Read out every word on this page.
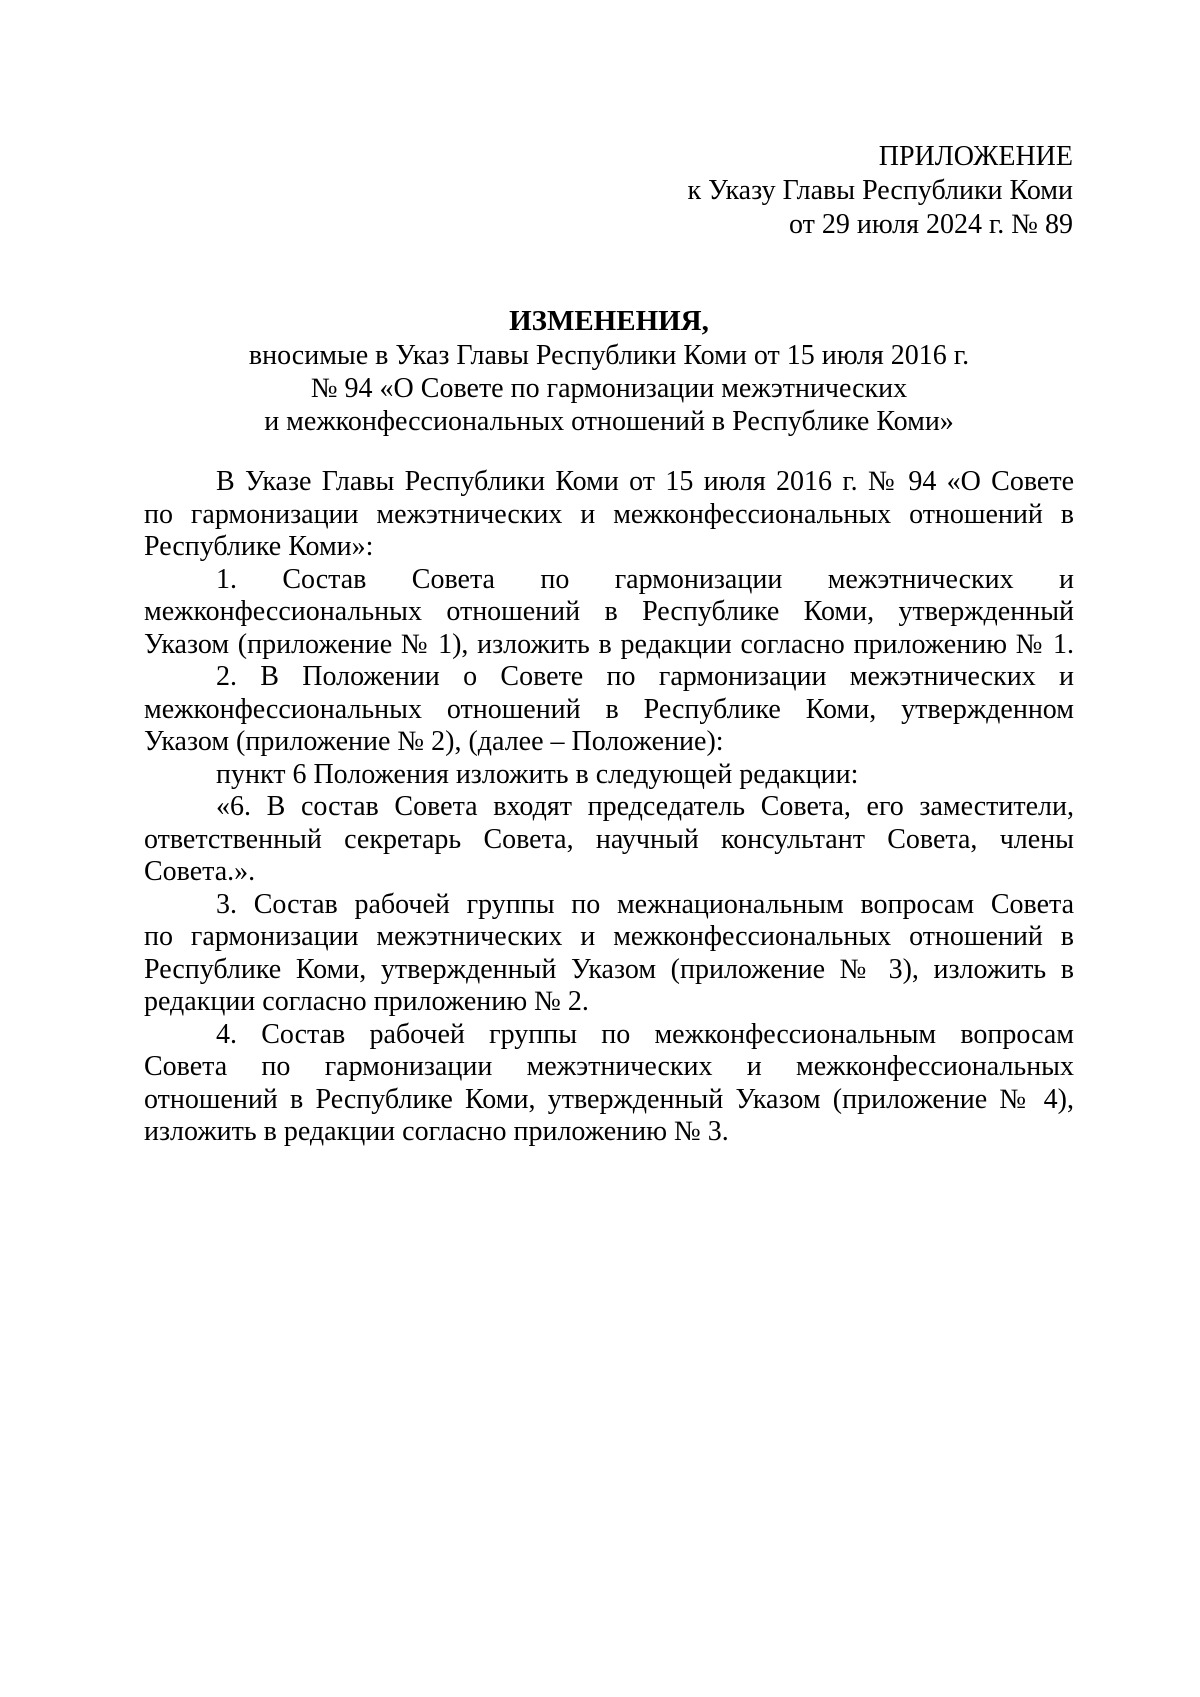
ПРИЛОЖЕНИЕ
к Указу Главы Республики Коми
от 29 июля 2024 г. № 89
ИЗМЕНЕНИЯ,
вносимые в Указ Главы Республики Коми от 15 июля 2016 г.
№ 94 «О Совете по гармонизации межэтнических
и межконфессиональных отношений в Республике Коми»
В Указе Главы Республики Коми от 15 июля 2016 г. № 94 «О Совете
по гармонизации межэтнических и межконфессиональных отношений в
Республике Коми»:
1. Состав Совета по гармонизации межэтнических и
межконфессиональных отношений в Республике Коми, утвержденный
Указом (приложение № 1), изложить в редакции согласно приложению № 1.
2. В Положении о Совете по гармонизации межэтнических и
межконфессиональных отношений в Республике Коми, утвержденном
Указом (приложение № 2), (далее – Положение):
пункт 6 Положения изложить в следующей редакции:
«6. В состав Совета входят председатель Совета, его заместители,
ответственный секретарь Совета, научный консультант Совета, члены
Совета.».
3. Состав рабочей группы по межнациональным вопросам Совета
по гармонизации межэтнических и межконфессиональных отношений в
Республике Коми, утвержденный Указом (приложение № 3), изложить в
редакции согласно приложению № 2.
4. Состав рабочей группы по межконфессиональным вопросам
Совета по гармонизации межэтнических и межконфессиональных
отношений в Республике Коми, утвержденный Указом (приложение № 4),
изложить в редакции согласно приложению № 3.
